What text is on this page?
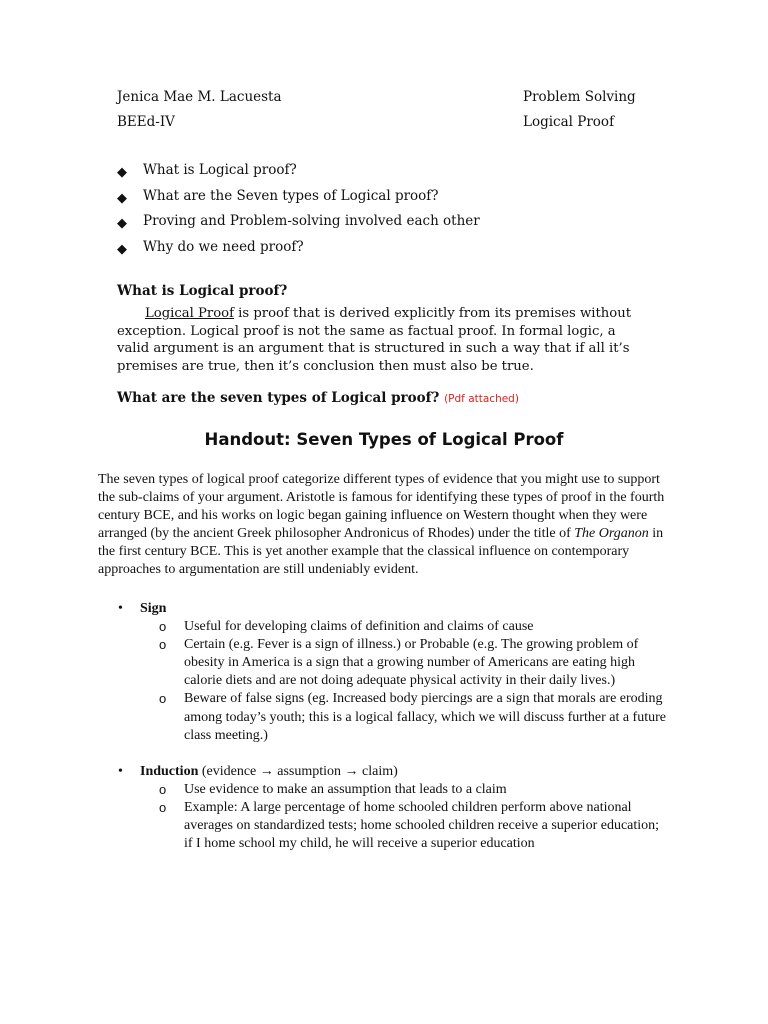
Jenica Mae M. Lacuesta	Problem Solving
BEEd-IV	Logical Proof
◆ What is Logical proof?
◆ What are the Seven types of Logical proof?
◆ Proving and Problem-solving involved each other
◆ Why do we need proof?
What is Logical proof?

Logical Proof is proof that is derived explicitly from its premises without exception. Logical proof is not the same as factual proof. In formal logic, a valid argument is an argument that is structured in such a way that if all it’s premises are true, then it’s conclusion then must also be true.

What are the seven types of Logical proof? (Pdf attached)
Handout: Seven Types of Logical Proof

The seven types of logical proof categorize different types of evidence that you might use to support the sub-claims of your argument. Aristotle is famous for identifying these types of proof in the fourth century BCE, and his works on logic began gaining influence on Western thought when they were arranged (by the ancient Greek philosopher Andronicus of Rhodes) under the title of The Organon in the first century BCE. This is yet another example that the classical influence on contemporary approaches to argumentation are still undeniably evident.

• Sign
o Useful for developing claims of definition and claims of cause
o Certain (e.g. Fever is a sign of illness.) or Probable (e.g. The growing problem of obesity in America is a sign that a growing number of Americans are eating high calorie diets and are not doing adequate physical activity in their daily lives.)
o Beware of false signs (eg. Increased body piercings are a sign that morals are eroding among today’s youth; this is a logical fallacy, which we will discuss further at a future class meeting.)
• Induction (evidence → assumption → claim)
o Use evidence to make an assumption that leads to a claim
o Example: A large percentage of home schooled children perform above national averages on standardized tests; home schooled children receive a superior education; if I home school my child, he will receive a superior education
